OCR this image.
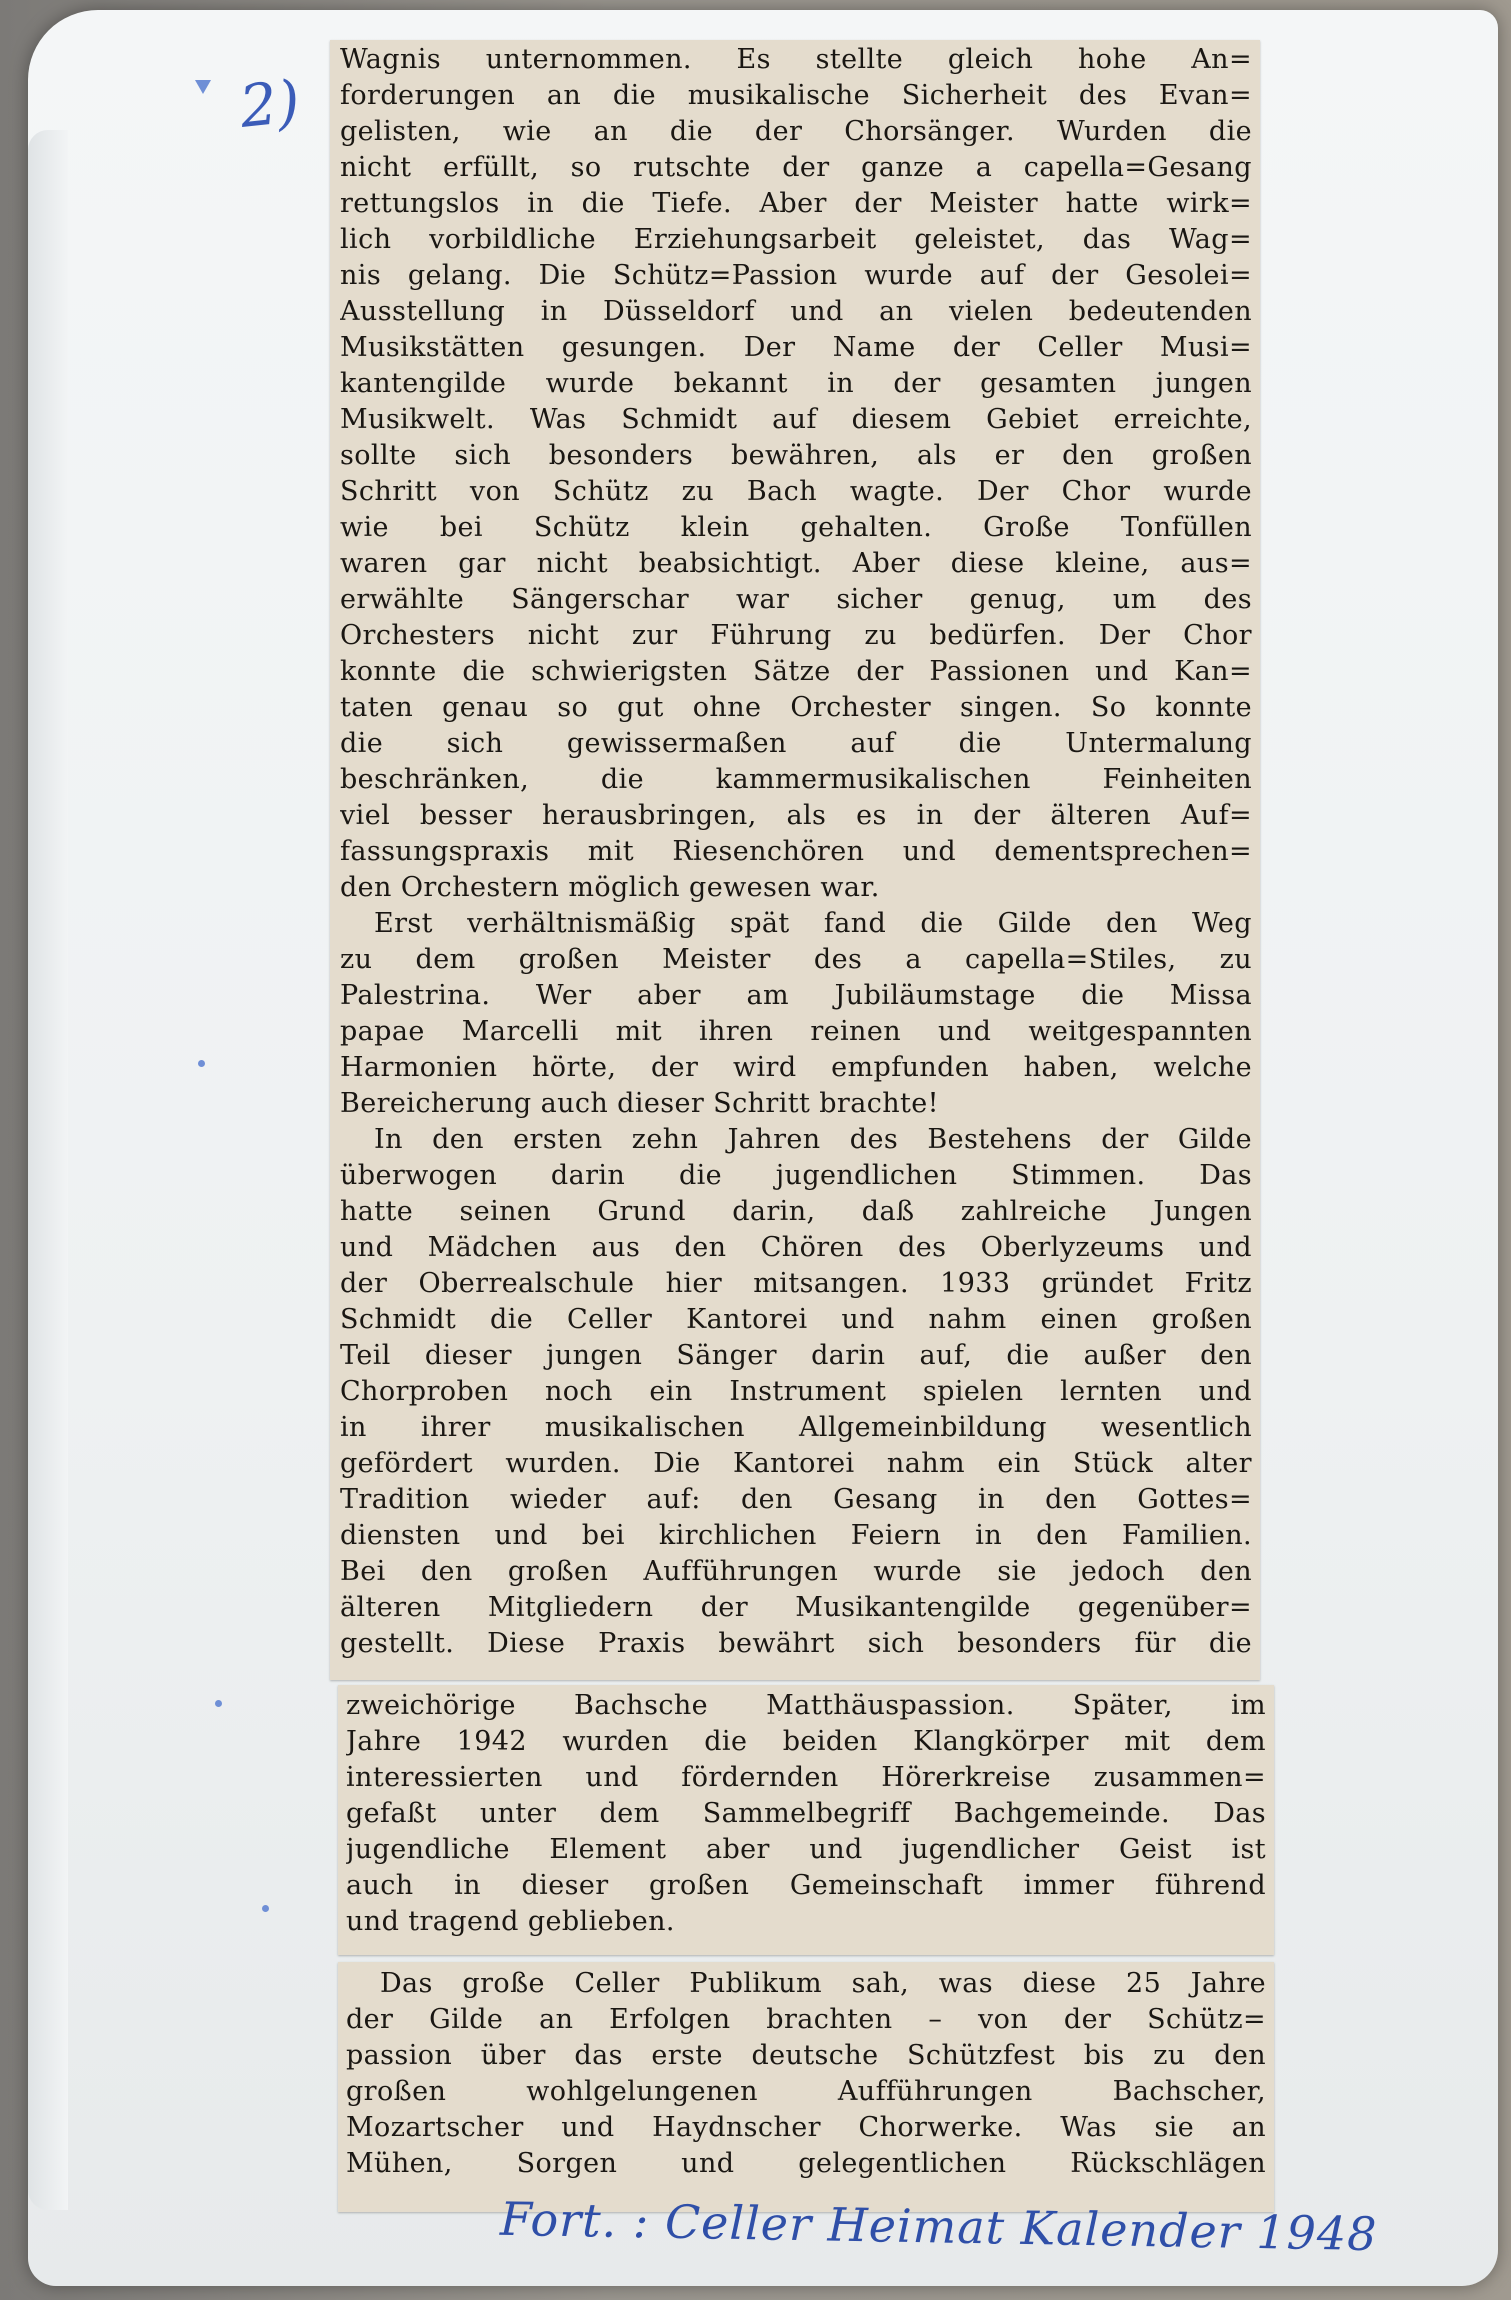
2)
Wagnis unternommen. Es stellte gleich hohe An=
forderungen an die musikalische Sicherheit des Evan=
gelisten, wie an die der Chorsänger. Wurden die
nicht erfüllt, so rutschte der ganze a capella=Gesang
rettungslos in die Tiefe. Aber der Meister hatte wirk=
lich vorbildliche Erziehungsarbeit geleistet, das Wag=
nis gelang. Die Schütz=Passion wurde auf der Gesolei=
Ausstellung in Düsseldorf und an vielen bedeutenden
Musikstätten gesungen. Der Name der Celler Musi=
kantengilde wurde bekannt in der gesamten jungen
Musikwelt. Was Schmidt auf diesem Gebiet erreichte,
sollte sich besonders bewähren, als er den großen
Schritt von Schütz zu Bach wagte. Der Chor wurde
wie bei Schütz klein gehalten. Große Tonfüllen
waren gar nicht beabsichtigt. Aber diese kleine, aus=
erwählte Sängerschar war sicher genug, um des
Orchesters nicht zur Führung zu bedürfen. Der Chor
konnte die schwierigsten Sätze der Passionen und Kan=
taten genau so gut ohne Orchester singen. So konnte
die sich gewissermaßen auf die Untermalung
beschränken, die kammermusikalischen Feinheiten
viel besser herausbringen, als es in der älteren Auf=
fassungspraxis mit Riesenchören und dementsprechen=
den Orchestern möglich gewesen war.
Erst verhältnismäßig spät fand die Gilde den Weg
zu dem großen Meister des a capella=Stiles, zu
Palestrina. Wer aber am Jubiläumstage die Missa
papae Marcelli mit ihren reinen und weitgespannten
Harmonien hörte, der wird empfunden haben, welche
Bereicherung auch dieser Schritt brachte!
In den ersten zehn Jahren des Bestehens der Gilde
überwogen darin die jugendlichen Stimmen. Das
hatte seinen Grund darin, daß zahlreiche Jungen
und Mädchen aus den Chören des Oberlyzeums und
der Oberrealschule hier mitsangen. 1933 gründet Fritz
Schmidt die Celler Kantorei und nahm einen großen
Teil dieser jungen Sänger darin auf, die außer den
Chorproben noch ein Instrument spielen lernten und
in ihrer musikalischen Allgemeinbildung wesentlich
gefördert wurden. Die Kantorei nahm ein Stück alter
Tradition wieder auf: den Gesang in den Gottes=
diensten und bei kirchlichen Feiern in den Familien.
Bei den großen Aufführungen wurde sie jedoch den
älteren Mitgliedern der Musikantengilde gegenüber=
gestellt. Diese Praxis bewährt sich besonders für die
zweichörige Bachsche Matthäuspassion. Später, im
Jahre 1942 wurden die beiden Klangkörper mit dem
interessierten und fördernden Hörerkreise zusammen=
gefaßt unter dem Sammelbegriff Bachgemeinde. Das
jugendliche Element aber und jugendlicher Geist ist
auch in dieser großen Gemeinschaft immer führend
und tragend geblieben.
Das große Celler Publikum sah, was diese 25 Jahre
der Gilde an Erfolgen brachten – von der Schütz=
passion über das erste deutsche Schützfest bis zu den
großen wohlgelungenen Aufführungen Bachscher,
Mozartscher und Haydnscher Chorwerke. Was sie an
Mühen, Sorgen und gelegentlichen Rückschlägen
Fort. : Celler Heimat Kalender 1948
